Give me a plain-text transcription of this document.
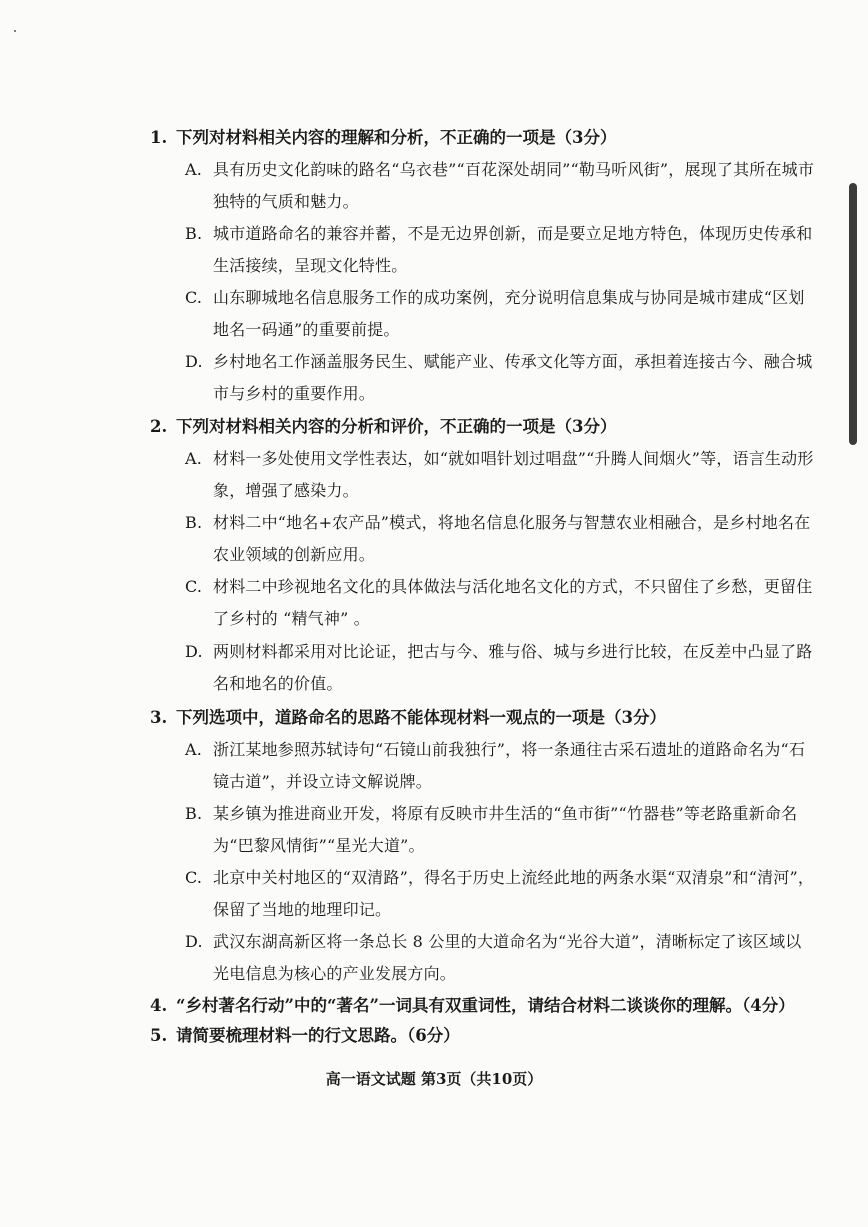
1. 下列对材料相关内容的理解和分析，不正确的一项是（3分）
A. 具有历史文化韵味的路名“乌衣巷”“百花深处胡同”“勒马听风街”，展现了其所在城市独特的气质和魅力。
B. 城市道路命名的兼容并蓄，不是无边界创新，而是要立足地方特色，体现历史传承和生活接续，呈现文化特性。
C. 山东聊城地名信息服务工作的成功案例，充分说明信息集成与协同是城市建成“区划地名一码通”的重要前提。
D. 乡村地名工作涵盖服务民生、赋能产业、传承文化等方面，承担着连接古今、融合城市与乡村的重要作用。
2. 下列对材料相关内容的分析和评价，不正确的一项是（3分）
A. 材料一多处使用文学性表达，如“就如唱针划过唱盘”“升腾人间烟火”等，语言生动形象，增强了感染力。
B. 材料二中“地名+农产品”模式，将地名信息化服务与智慧农业相融合，是乡村地名在农业领域的创新应用。
C. 材料二中珍视地名文化的具体做法与活化地名文化的方式，不只留住了乡愁，更留住了乡村的 “精气神” 。
D. 两则材料都采用对比论证，把古与今、雅与俗、城与乡进行比较，在反差中凸显了路名和地名的价值。
3. 下列选项中，道路命名的思路不能体现材料一观点的一项是（3分）
A. 浙江某地参照苏轼诗句“石镜山前我独行”，将一条通往古采石遗址的道路命名为“石镜古道”，并设立诗文解说牌。
B. 某乡镇为推进商业开发，将原有反映市井生活的“鱼市街”“竹器巷”等老路重新命名为“巴黎风情街”“星光大道”。
C. 北京中关村地区的“双清路”，得名于历史上流经此地的两条水渠“双清泉”和“清河”，保留了当地的地理印记。
D. 武汉东湖高新区将一条总长 8 公里的大道命名为“光谷大道”，清晰标定了该区域以光电信息为核心的产业发展方向。
4. “乡村著名行动”中的“著名”一词具有双重词性，请结合材料二谈谈你的理解。（4分）
5. 请简要梳理材料一的行文思路。（6分）
高一语文试题 第3页（共10页）
